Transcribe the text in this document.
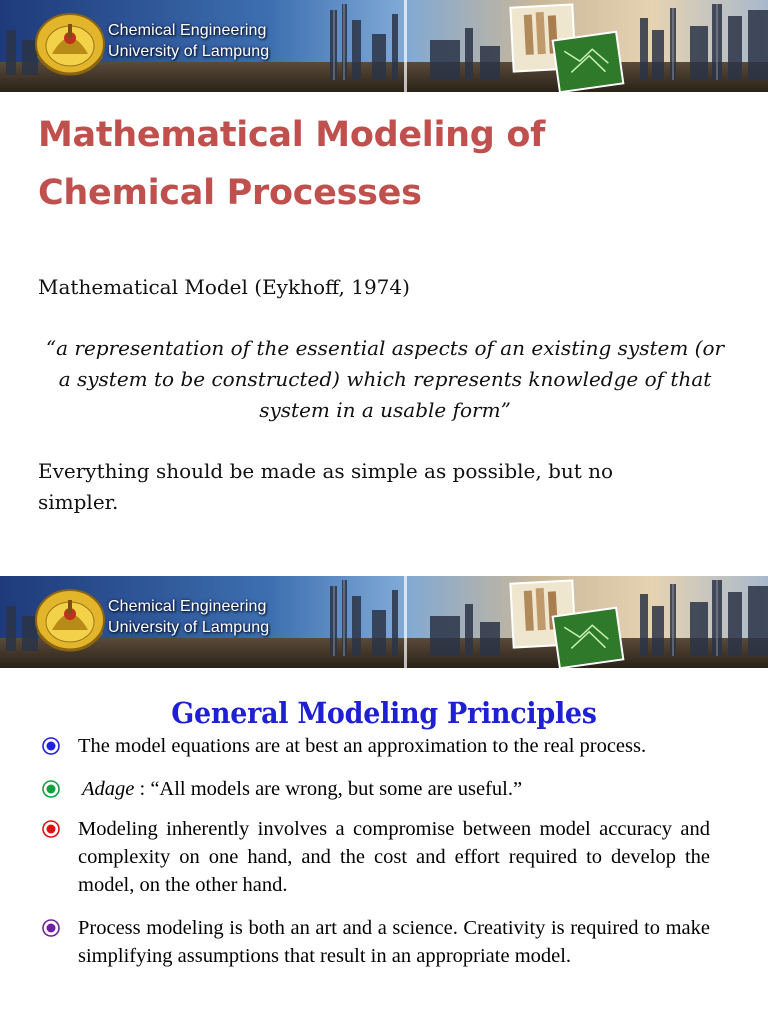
Chemical Engineering
University of Lampung
Mathematical Modeling of
Chemical Processes
Mathematical Model (Eykhoff, 1974)
“a representation of the essential aspects of an existing system (or a system to be constructed) which represents knowledge of that system in a usable form”
Everything should be made as simple as possible, but no simpler.
Chemical Engineering
University of Lampung
General Modeling Principles
The model equations are at best an approximation to the real process.
Adage : “All models are wrong, but some are useful.”
Modeling inherently involves a compromise between model accuracy and complexity on one hand, and the cost and effort required to develop the model, on the other hand.
Process modeling is both an art and a science. Creativity is required to make simplifying assumptions that result in an appropriate model.
